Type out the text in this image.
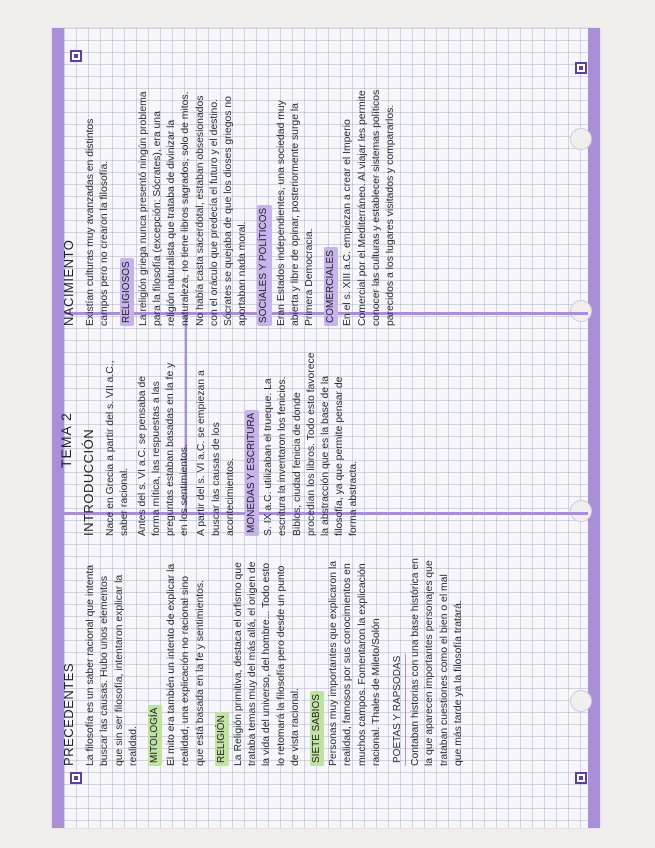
TEMA 2
PRECEDENTES La filosofía es un saber racional que intenta buscar las causas. Hubo unos elementos que sin ser filosofía, intentaron explicar la realidad. MITOLOGÍA El mito era también un intento de explicar la realidad, una explicación no racional sino que está basada en la fe y sentimientos. RELIGIÓN La Religión primitiva, destaca el orfismo que trataba temas muy del más allá, el origen de la vida del universo, del hombre... Todo esto lo retomará la filosofía pero desde un punto de vista racional. SIETE SABIOS Personas muy importantes que explicaron la realidad, famosos por sus conocimientos en muchos campos. Fomentaron la explicación racional. Thales de Mileto/Solón POETAS Y RAPSODAS Contaban historias con una base histórica en la que aparecen importantes personajes que trataban cuestiones como el bien o el mal que más tarde ya la filosofía tratará.

INTRODUCCIÓN Nace en Grecia a partir del s. VII a.C., saber racional. Antes del s. VI a.C. se pensaba de forma mítica, las respuestas a las preguntas estaban basadas en la fe y en los sentimientos. A partir del s. VI a.C. se empiezan a buscar las causas de los acontecimientos. MONEDAS Y ESCRITURA S. IX a.C. utilizaban el trueque. La escritura la inventaron los fenicios. Biblos, ciudad fenicia de donde procedían los libros. Todo esto favorece la abstracción que es la base de la filosofía, ya que permite pensar de forma abstracta.

NACIMIENTO Existían culturas muy avanzadas en distintos campos pero no crearon la filosofía. RELIGIOSOS La religión griega nunca presentó ningún problema para la filosofía (excepción: Sócrates), era una religión naturalista que trataba de divinizar la naturaleza, no tiene libros sagrados, solo de mitos. No había casta sacerdotal, estaban obsesionados con el oráculo que predecía el futuro y el destino. Sócrates se quejaba de que los dioses griegos no aportaban nada moral. SOCIALES Y POLÍTICOS Eran Estados independientes, una sociedad muy abierta y libre de opinar, posteriormente surge la Primera Democracia. COMERCIALES En el s. XIII a.C. empiezan a crear el Imperio Comercial por el Mediterráneo. Al viajar les permite conocer las culturas y establecer sistemas políticos parecidos a los lugares visitados y compararlos.
